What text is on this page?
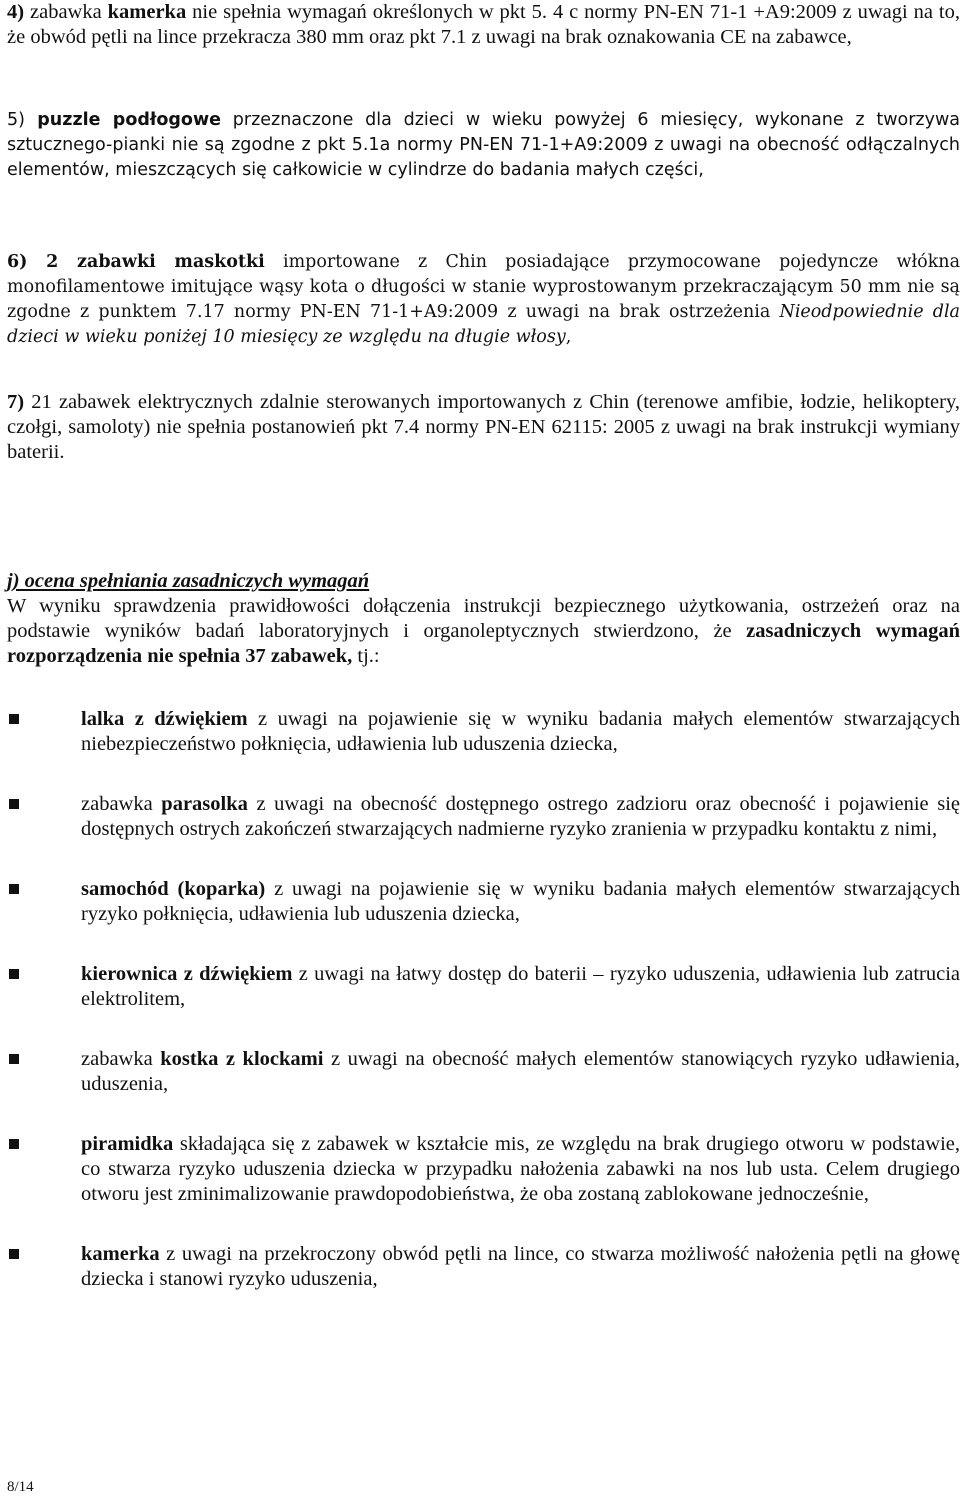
4) zabawka kamerka nie spełnia wymagań określonych w pkt 5. 4 c normy PN-EN 71-1 +A9:2009 z uwagi na to, że obwód pętli na lince przekracza 380 mm oraz pkt 7.1 z uwagi na brak oznakowania CE na zabawce,

5) puzzle podłogowe przeznaczone dla dzieci w wieku powyżej 6 miesięcy, wykonane z tworzywa sztucznego-pianki nie są zgodne z pkt 5.1a normy PN-EN 71-1+A9:2009 z uwagi na obecność odłączalnych elementów, mieszczących się całkowicie w cylindrze do badania małych części,

6) 2 zabawki maskotki importowane z Chin posiadające przymocowane pojedyncze włókna monofilamentowe imitujące wąsy kota o długości w stanie wyprostowanym przekraczającym 50 mm nie są zgodne z punktem 7.17 normy PN-EN 71-1+A9:2009 z uwagi na brak ostrzeżenia Nieodpowiednie dla dzieci w wieku poniżej 10 miesięcy ze względu na długie włosy,

7) 21 zabawek elektrycznych zdalnie sterowanych importowanych z Chin (terenowe amfibie, łodzie, helikoptery, czołgi, samoloty) nie spełnia postanowień pkt 7.4 normy PN-EN 62115: 2005 z uwagi na brak instrukcji wymiany baterii.

j) ocena spełniania zasadniczych wymagań

W wyniku sprawdzenia prawidłowości dołączenia instrukcji bezpiecznego użytkowania, ostrzeżeń oraz na podstawie wyników badań laboratoryjnych i organoleptycznych stwierdzono, że zasadniczych wymagań rozporządzenia nie spełnia 37 zabawek, tj.:

lalka z dźwiękiem z uwagi na pojawienie się w wyniku badania małych elementów stwarzających niebezpieczeństwo połknięcia, udławienia lub uduszenia dziecka,
zabawka parasolka z uwagi na obecność dostępnego ostrego zadzioru oraz obecność i pojawienie się dostępnych ostrych zakończeń stwarzających nadmierne ryzyko zranienia w przypadku kontaktu z nimi,
samochód (koparka) z uwagi na pojawienie się w wyniku badania małych elementów stwarzających ryzyko połknięcia, udławienia lub uduszenia dziecka,
kierownica z dźwiękiem z uwagi na łatwy dostęp do baterii – ryzyko uduszenia, udławienia lub zatrucia elektrolitem,
zabawka kostka z klockami z uwagi na obecność małych elementów stanowiących ryzyko udławienia, uduszenia,
piramidka składająca się z zabawek w kształcie mis, ze względu na brak drugiego otworu w podstawie, co stwarza ryzyko uduszenia dziecka w przypadku nałożenia zabawki na nos lub usta. Celem drugiego otworu jest zminimalizowanie prawdopodobieństwa, że oba zostaną zablokowane jednocześnie,
kamerka z uwagi na przekroczony obwód pętli na lince, co stwarza możliwość nałożenia pętli na głowę dziecka i stanowi ryzyko uduszenia,
8/14
